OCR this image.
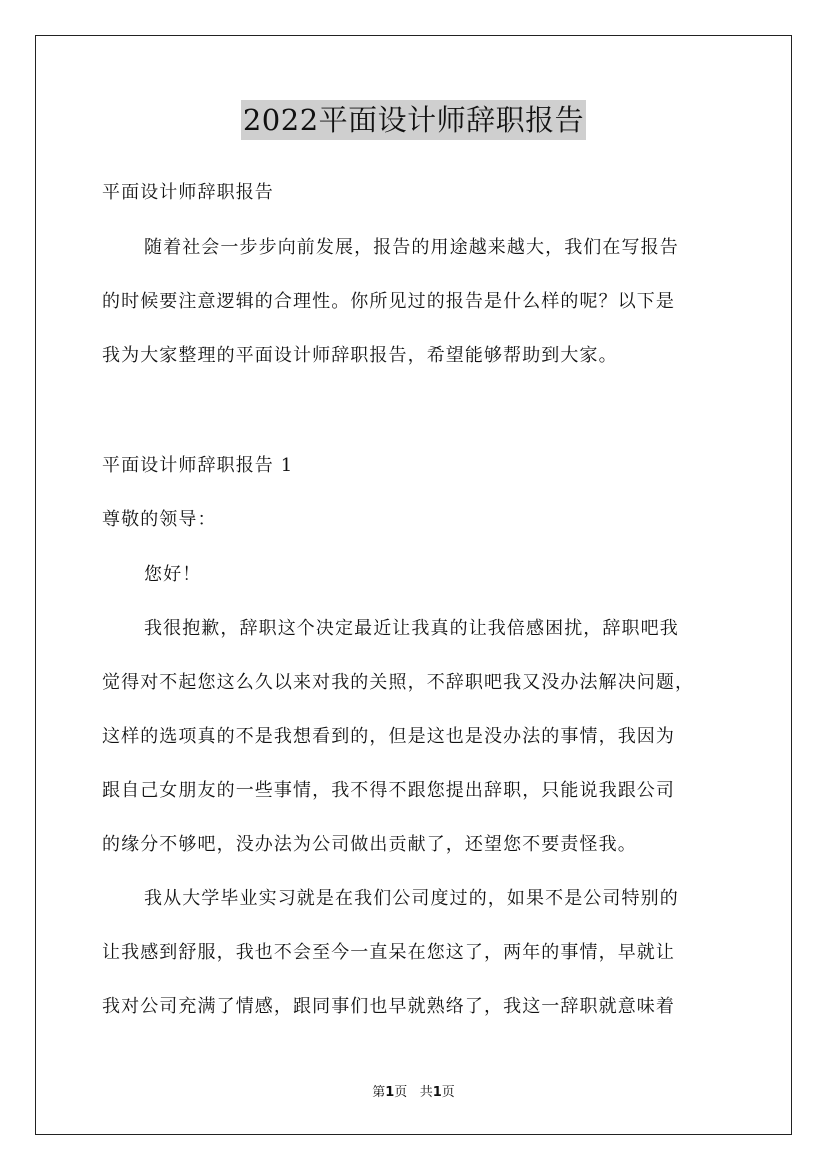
2022平面设计师辞职报告
平面设计师辞职报告
随着社会一步步向前发展，报告的用途越来越大，我们在写报告
的时候要注意逻辑的合理性。你所见过的报告是什么样的呢？以下是
我为大家整理的平面设计师辞职报告，希望能够帮助到大家。
平面设计师辞职报告 1
尊敬的领导：
您好！
我很抱歉，辞职这个决定最近让我真的让我倍感困扰，辞职吧我
觉得对不起您这么久以来对我的关照，不辞职吧我又没办法解决问题，
这样的选项真的不是我想看到的，但是这也是没办法的事情，我因为
跟自己女朋友的一些事情，我不得不跟您提出辞职，只能说我跟公司
的缘分不够吧，没办法为公司做出贡献了，还望您不要责怪我。
我从大学毕业实习就是在我们公司度过的，如果不是公司特别的
让我感到舒服，我也不会至今一直呆在您这了，两年的事情，早就让
我对公司充满了情感，跟同事们也早就熟络了，我这一辞职就意味着
第1页 共1页
